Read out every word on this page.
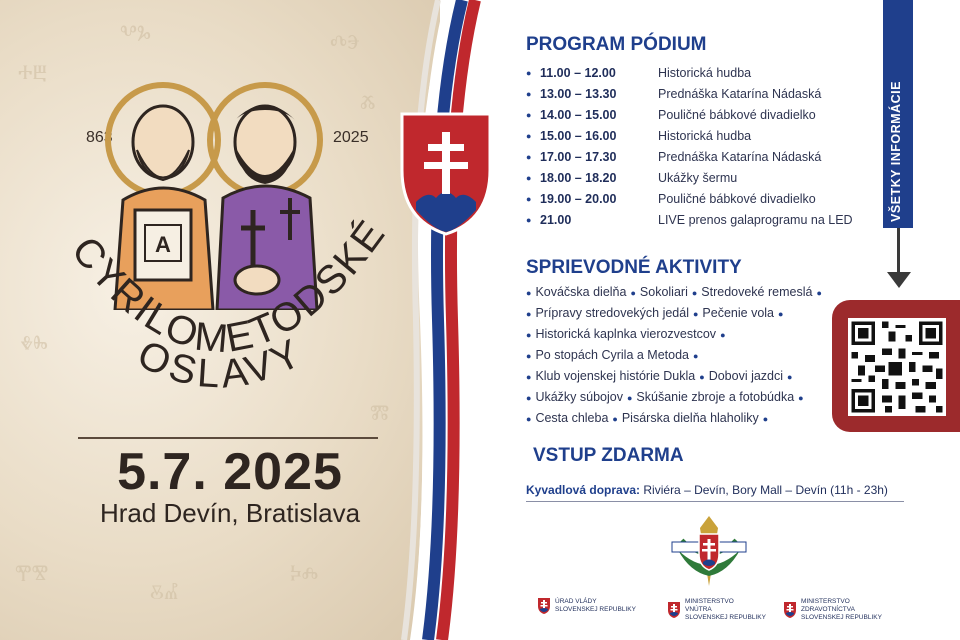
ⰀⰁ
ⰂⰃ	ⰄⰅ
Ⰶ
ⰇⰈ
ⰉⰊ
ⰋⰌ
ⰍⰎ
Ⰿ
863	2025
A
CYRILOMETODSKÉ
OSLAVY
5.7. 2025
Hrad Devín, Bratislava
PROGRAM PÓDIUM
● 11.00 – 12.00	Historická hudba
● 13.00 – 13.30	Prednáška Katarína Nádaská
● 14.00 – 15.00	Pouličné bábkové divadielko
● 15.00 – 16.00	Historická hudba
● 17.00 – 17.30	Prednáška Katarína Nádaská
● 18.00 – 18.20	Ukážky šermu
● 19.00 – 20.00	Pouličné bábkové divadielko
● 21.00	LIVE prenos galaprogramu na LED
SPRIEVODNÉ AKTIVITY
● Kováčska dielňa ● Sokoliari ● Stredoveké remeslá ●
● Prípravy stredovekých jedál ● Pečenie vola ●
● Historická kaplnka vierozvestcov ●
● Po stopách Cyrila a Metoda ●
● Klub vojenskej histórie Dukla ● Dobovi jazdci ●
● Ukážky súbojov ● Skúšanie zbroje a fotobúdka ●
● Cesta chleba ● Pisárska dielňa hlaholiky ●
VSTUP ZDARMA
Kyvadlová doprava: Riviéra – Devín, Bory Mall – Devín (11h - 23h)
VŠETKY INFORMÁCIE
ÚRAD VLÁDY
SLOVENSKEJ REPUBLIKY
MINISTERSTVO
VNÚTRA
SLOVENSKEJ REPUBLIKY
MINISTERSTVO
ZDRAVOTNÍCTVA
SLOVENSKEJ REPUBLIKY
